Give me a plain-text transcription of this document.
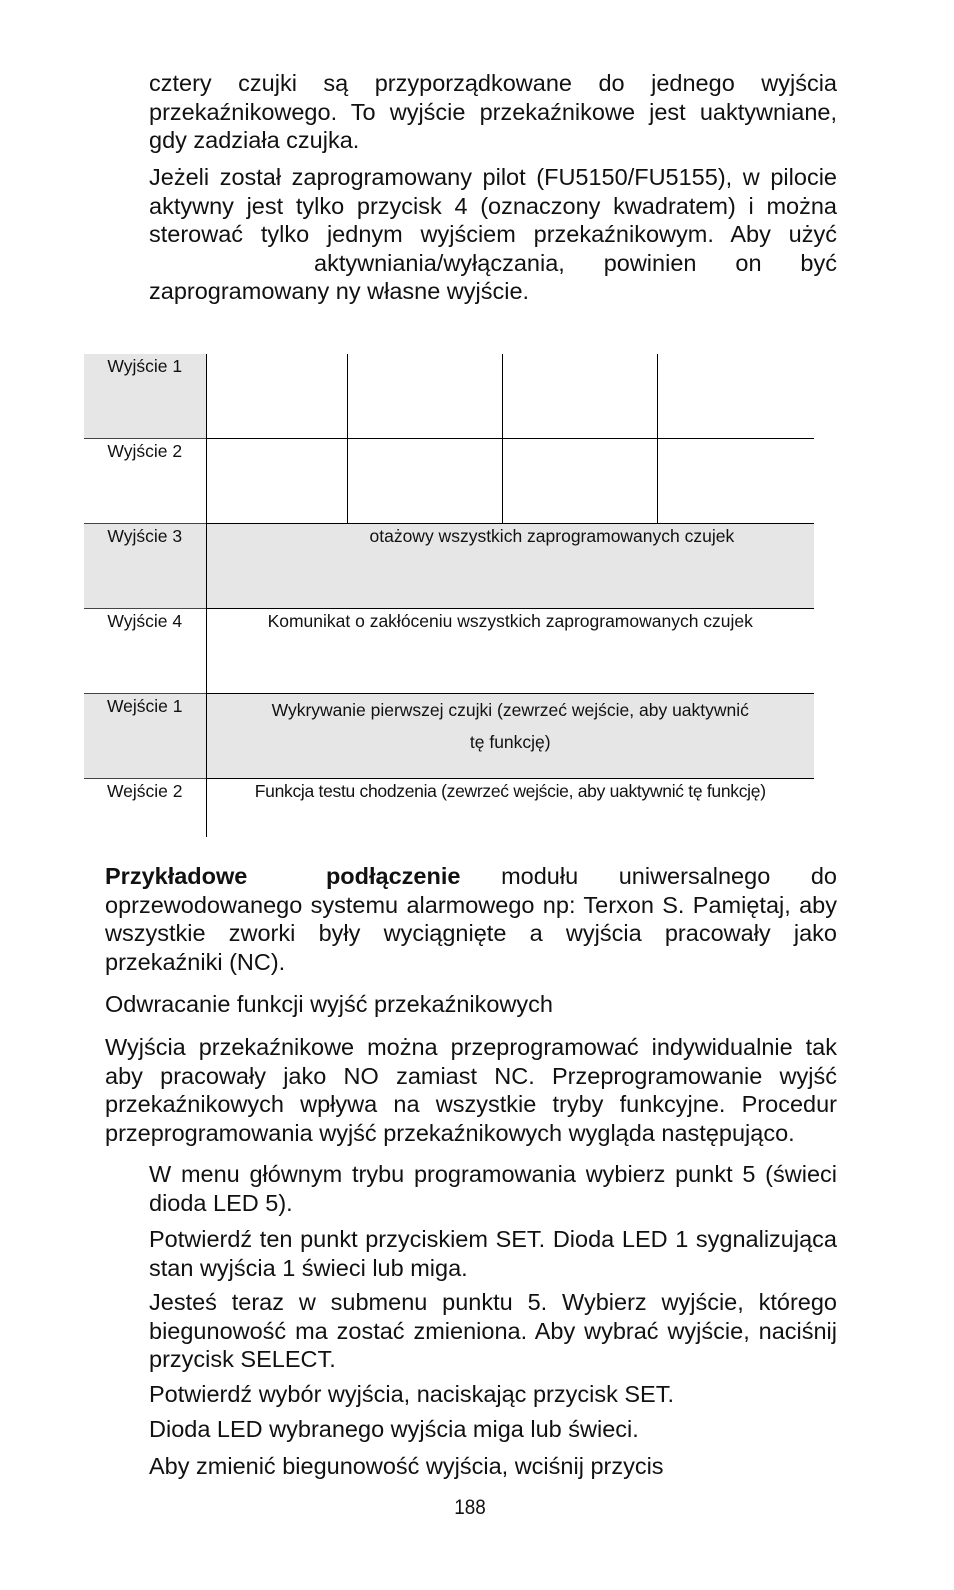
cztery czujki są przyporządkowane do jednego wyjścia przekaźnikowego. To wyjście przekaźnikowe jest uaktywniane, gdy zadziała czujka.

Jeżeli został zaprogramowany pilot (FU5150/FU5155), w pilocie aktywny jest tylko przycisk 4 (oznaczony kwadratem) i można sterować tylko jednym wyjściem przekaźnikowym. Aby użyć aktywniania/wyłączania, powinien on być zaprogramowany ny własne wyjście.
Wyjście 1				
Wyjście 2				
Wyjście 3	otażowy wszystkich zaprogramowanych czujek			
Wyjście 4	Komunikat o zakłóceniu wszystkich zaprogramowanych czujek			
Wejście 1	Wykrywanie pierwszej czujki (zewrzeć wejście, aby uaktywnić tę funkcję)			
Wejście 2	Funkcja testu chodzenia (zewrzeć wejście, aby uaktywnić tę funkcję)			
Przykładowe podłączenie modułu uniwersalnego do oprzewodowanego systemu alarmowego np: Terxon S. Pamiętaj, aby wszystkie zworki były wyciągnięte a wyjścia pracowały jako przekaźniki (NC).

Odwracanie funkcji wyjść przekaźnikowych

Wyjścia przekaźnikowe można przeprogramować indywidualnie tak aby pracowały jako NO zamiast NC. Przeprogramowanie wyjść przekaźnikowych wpływa na wszystkie tryby funkcyjne. Procedur przeprogramowania wyjść przekaźnikowych wygląda następująco.

W menu głównym trybu programowania wybierz punkt 5 (świeci dioda LED 5).

Potwierdź ten punkt przyciskiem SET. Dioda LED 1 sygnalizująca stan wyjścia 1 świeci lub miga.

Jesteś teraz w submenu punktu 5. Wybierz wyjście, którego biegunowość ma zostać zmieniona. Aby wybrać wyjście, naciśnij przycisk SELECT.

Potwierdź wybór wyjścia, naciskając przycisk SET.

Dioda LED wybranego wyjścia miga lub świeci.

Aby zmienić biegunowość wyjścia, wciśnij przycis

188
